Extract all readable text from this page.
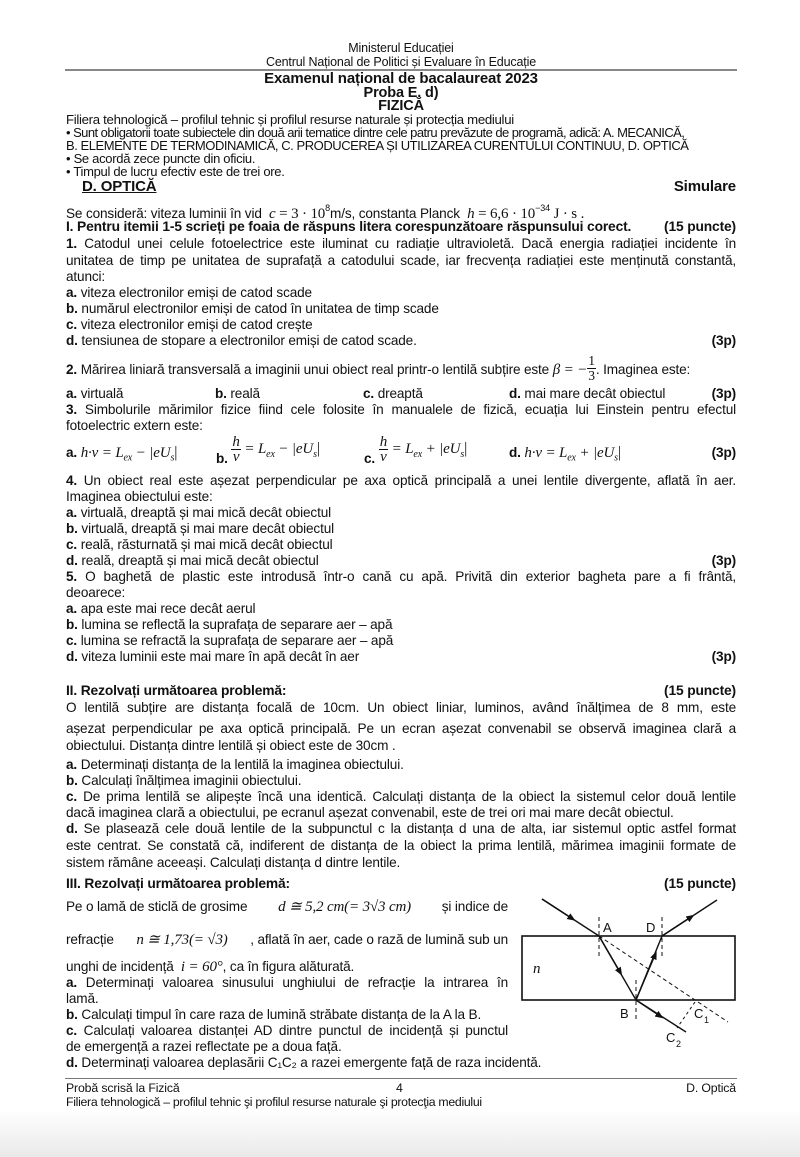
Ministerul Educației
Centrul Național de Politici și Evaluare în Educație
Examenul național de bacalaureat 2023
Proba E. d)
FIZICĂ
Filiera tehnologică – profilul tehnic și profilul resurse naturale și protecția mediului
• Sunt obligatorii toate subiectele din două arii tematice dintre cele patru prevăzute de programă, adică: A. MECANICĂ,
B. ELEMENTE DE TERMODINAMICĂ, C. PRODUCEREA ȘI UTILIZAREA CURENTULUI CONTINUU, D. OPTICĂ
• Se acordă zece puncte din oficiu.
• Timpul de lucru efectiv este de trei ore.
D. OPTICĂ	Simulare
Se consideră: viteza luminii în vid $c = 3 \cdot 10^8m/s$, constanta Planck $h = 6,6 \cdot 10^{-34}$ J · s .
I. Pentru itemii 1-5 scrieți pe foaia de răspuns litera corespunzătoare răspunsului corect. (15 puncte)
1. Catodul unei celule fotoelectrice este iluminat cu radiație ultravioletă. Dacă energia radiației incidente în
unitatea de timp pe unitatea de suprafață a catodului scade, iar frecvența radiației este menținută constantă,
atunci:
a. viteza electronilor emiși de catod scade
b. numărul electronilor emiși de catod în unitatea de timp scade
c. viteza electronilor emiși de catod crește
d. tensiunea de stopare a electronilor emiși de catod scade.	(3p)
2. Mărirea liniară transversală a imaginii unui obiect real printr-o lentilă subțire este β = − $\frac{1}{3}$ . Imaginea este:
a. virtuală	b. reală	c. dreaptă	d. mai mare decât obiectul	(3p)
3. Simbolurile mărimilor fizice fiind cele folosite în manualele de fizică, ecuația lui Einstein pentru efectul
fotoelectric extern este:
a. $h\cdot\nu = L_{ex} - |eU_s|$	b. $\frac{h}{\nu} = L_{ex} - |eU_s|$
c. $\frac{h}{\nu} = L_{ex} + |eU_s|$	d. $h\cdot\nu = L_{ex} + |eU_s|$	(3p)
4. Un obiect real este așezat perpendicular pe axa optică principală a unei lentile divergente, aflată în aer.
Imaginea obiectului este:
a. virtuală, dreaptă și mai mică decât obiectul
b. virtuală, dreaptă și mai mare decât obiectul
c. reală, răsturnată și mai mică decât obiectul
d. reală, dreaptă și mai mică decât obiectul	(3p)
5. O baghetă de plastic este introdusă într-o cană cu apă. Privită din exterior bagheta pare a fi frântă,
deoarece:
a. apa este mai rece decât aerul
b. lumina se reflectă la suprafața de separare aer – apă
c. lumina se refractă la suprafața de separare aer – apă
d. viteza luminii este mai mare în apă decât în aer	(3p)
II. Rezolvați următoarea problemă:	(15 puncte)
O lentilă subțire are distanța focală de 10cm. Un obiect liniar, luminos, având înălțimea de 8 mm, este
așezat perpendicular pe axa optică principală. Pe un ecran așezat convenabil se observă imaginea clară a
obiectului. Distanța dintre lentilă și obiect este de 30cm .
a. Determinați distanța de la lentilă la imaginea obiectului.
b. Calculați înălțimea imaginii obiectului.
c. De prima lentilă se alipește încă una identică. Calculați distanța de la obiect la sistemul celor două lentile
dacă imaginea clară a obiectului, pe ecranul așezat convenabil, este de trei ori mai mare decât obiectul.
d. Se plasează cele două lentile de la subpunctul c la distanța d una de alta, iar sistemul optic astfel format
este centrat. Se constată că, indiferent de distanța de la obiect la prima lentilă, mărimea imaginii formate de
sistem rămâne aceeași. Calculați distanța d dintre lentile.
III. Rezolvați următoarea problemă:	(15 puncte)
Pe o lamă de sticlă de grosime d ≅ 5,2 cm(= 3√3 cm) și indice de
refracție n ≅ 1,73(= √3) , aflată în aer, cade o rază de lumină sub un
unghi de incidență i = 60°, ca în figura alăturată.
a. Determinați valoarea sinusului unghiului de refracție la intrarea în
lamă.
b. Calculați timpul în care raza de lumină străbate distanța de la A la B.
c. Calculați valoarea distanței AD dintre punctul de incidență și punctul
de emergență a razei reflectate pe a doua față.
d. Determinați valoarea deplasării C₁C₂ a razei emergente față de raza incidentă.
A	D
B	C 1
C 2
n
Probă scrisă la Fizică	4	D. Optică
Filiera tehnologică – profilul tehnic şi profilul resurse naturale şi protecţia mediului
